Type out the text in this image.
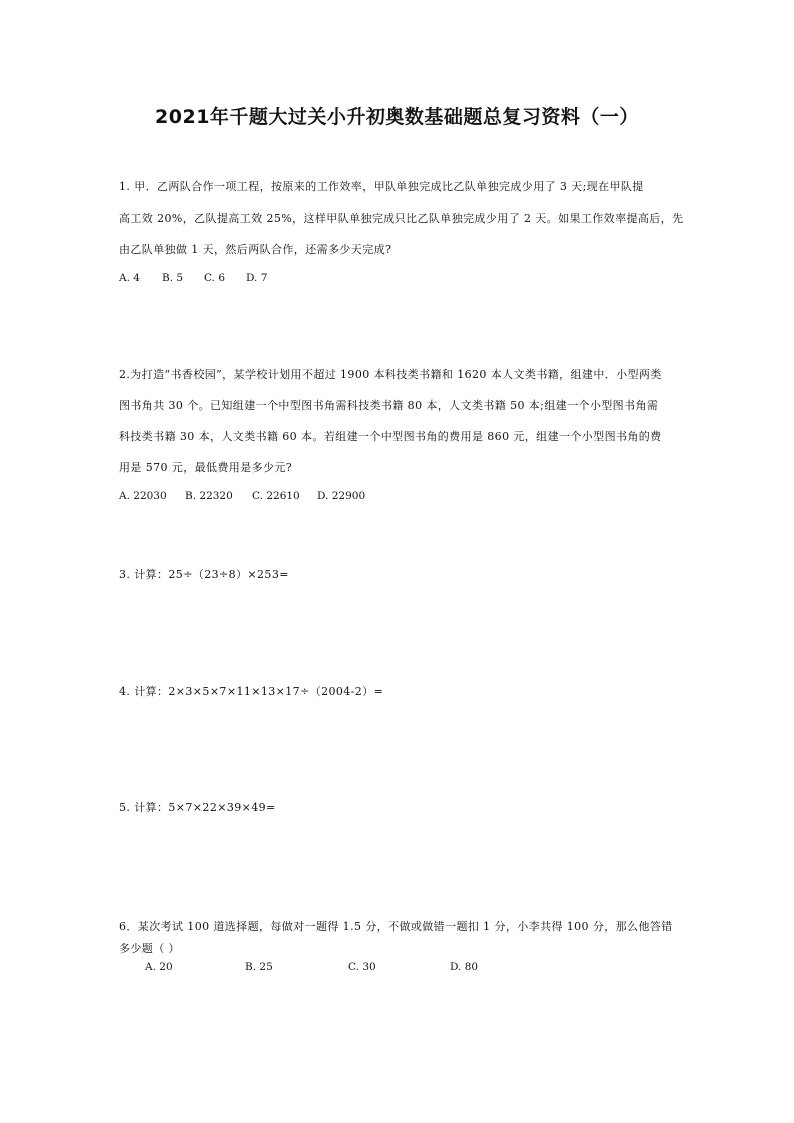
2021年千题大过关小升初奥数基础题总复习资料（一）
1. 甲．乙两队合作一项工程，按原来的工作效率，甲队单独完成比乙队单独完成少用了 3 天;现在甲队提
高工效 20%，乙队提高工效 25%，这样甲队单独完成只比乙队单独完成少用了 2 天。如果工作效率提高后，先
由乙队单独做 1 天，然后两队合作，还需多少天完成?
A. 4 B. 5 C. 6 D. 7
2.为打造“书香校园”，某学校计划用不超过 1900 本科技类书籍和 1620 本人文类书籍，组建中．小型两类
图书角共 30 个。已知组建一个中型图书角需科技类书籍 80 本，人文类书籍 50 本;组建一个小型图书角需
科技类书籍 30 本，人文类书籍 60 本。若组建一个中型图书角的费用是 860 元，组建一个小型图书角的费
用是 570 元，最低费用是多少元?
A. 22030 B. 22320 C. 22610 D. 22900
3. 计算：25÷（23÷8）×253=
4. 计算：2×3×5×7×11×13×17÷（2004-2）=
5. 计算：5×7×22×39×49=
6．某次考试 100 道选择题，每做对一题得 1.5 分，不做或做错一题扣 1 分，小李共得 100 分，那么他答错
多少题（ ）
A. 20	B. 25	C. 30	D. 80
